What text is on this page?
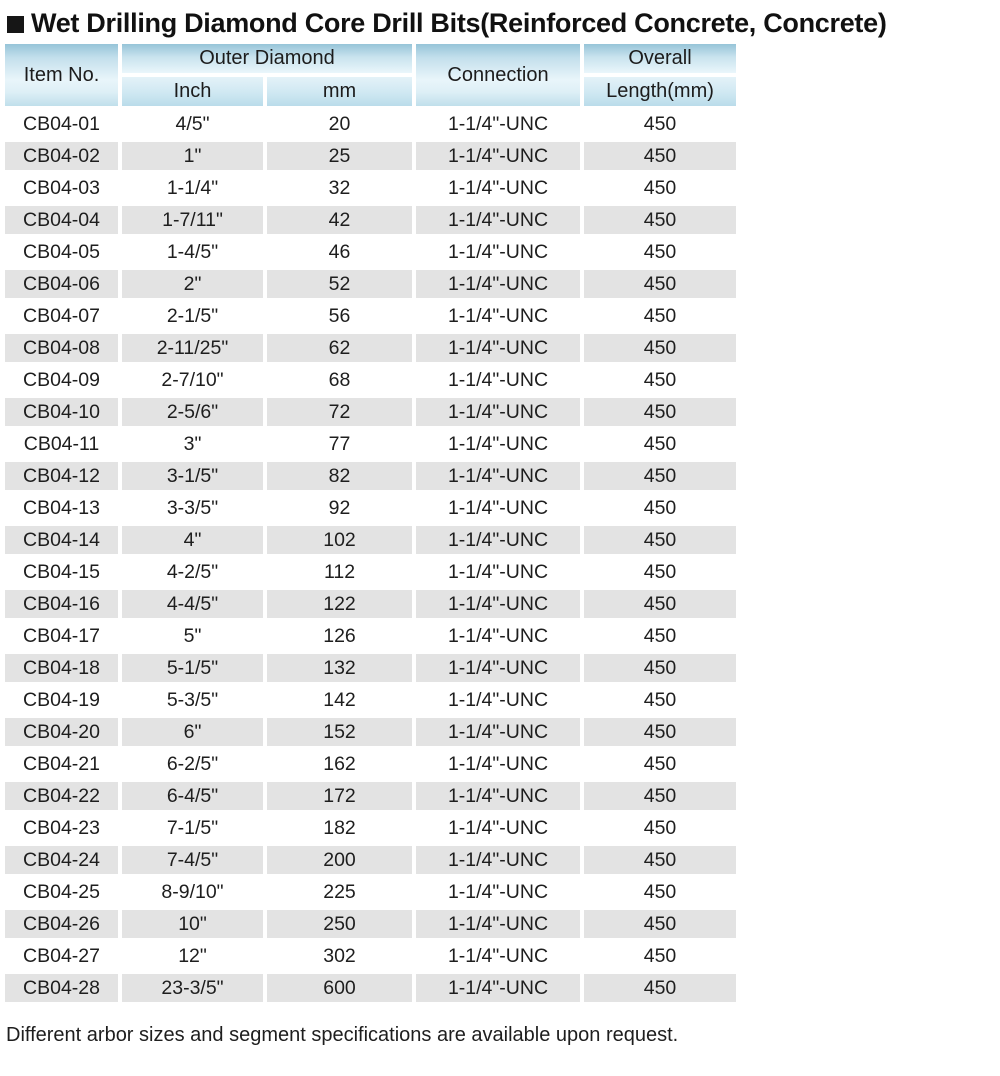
Wet Drilling Diamond Core Drill Bits(Reinforced Concrete, Concrete)
Item No.	Outer Diamond		Connection	Overall
	Inch	mm		Length(mm)
CB04-01	4/5"	20	1-1/4"-UNC	450
CB04-02	1"	25	1-1/4"-UNC	450
CB04-03	1-1/4"	32	1-1/4"-UNC	450
CB04-04	1-7/11"	42	1-1/4"-UNC	450
CB04-05	1-4/5"	46	1-1/4"-UNC	450
CB04-06	2"	52	1-1/4"-UNC	450
CB04-07	2-1/5"	56	1-1/4"-UNC	450
CB04-08	2-11/25"	62	1-1/4"-UNC	450
CB04-09	2-7/10"	68	1-1/4"-UNC	450
CB04-10	2-5/6"	72	1-1/4"-UNC	450
CB04-11	3"	77	1-1/4"-UNC	450
CB04-12	3-1/5"	82	1-1/4"-UNC	450
CB04-13	3-3/5"	92	1-1/4"-UNC	450
CB04-14	4"	102	1-1/4"-UNC	450
CB04-15	4-2/5"	112	1-1/4"-UNC	450
CB04-16	4-4/5"	122	1-1/4"-UNC	450
CB04-17	5"	126	1-1/4"-UNC	450
CB04-18	5-1/5"	132	1-1/4"-UNC	450
CB04-19	5-3/5"	142	1-1/4"-UNC	450
CB04-20	6"	152	1-1/4"-UNC	450
CB04-21	6-2/5"	162	1-1/4"-UNC	450
CB04-22	6-4/5"	172	1-1/4"-UNC	450
CB04-23	7-1/5"	182	1-1/4"-UNC	450
CB04-24	7-4/5"	200	1-1/4"-UNC	450
CB04-25	8-9/10"	225	1-1/4"-UNC	450
CB04-26	10"	250	1-1/4"-UNC	450
CB04-27	12"	302	1-1/4"-UNC	450
CB04-28	23-3/5"	600	1-1/4"-UNC	450
Different arbor sizes and segment specifications are available upon request.
